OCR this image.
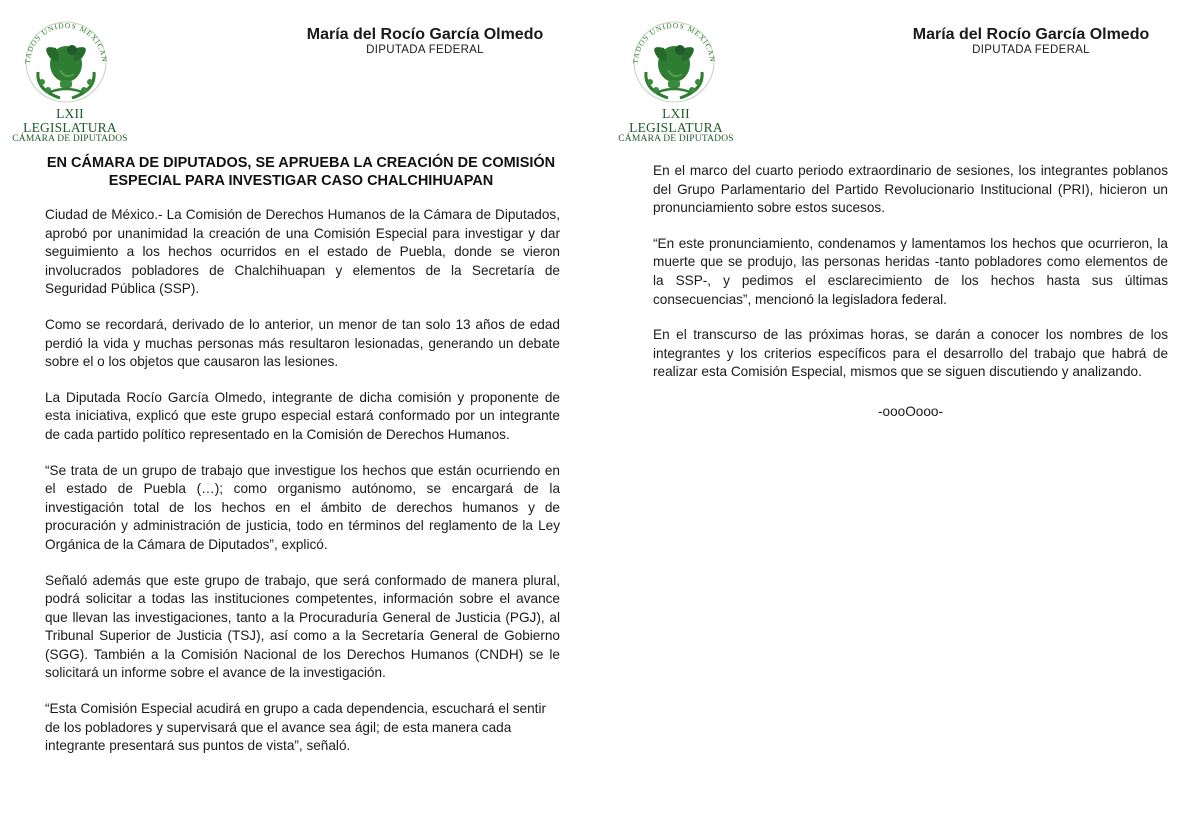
TADOS UNIDOS MEXICAN
LXII LEGISLATURA
CÁMARA DE DIPUTADOS
María del Rocío García Olmedo
DIPUTADA FEDERAL
EN CÁMARA DE DIPUTADOS, SE APRUEBA LA CREACIÓN DE COMISIÓN ESPECIAL PARA INVESTIGAR CASO CHALCHIHUAPAN

Ciudad de México.- La Comisión de Derechos Humanos de la Cámara de Diputados, aprobó por unanimidad la creación de una Comisión Especial para investigar y dar seguimiento a los hechos ocurridos en el estado de Puebla, donde se vieron involucrados pobladores de Chalchihuapan y elementos de la Secretaría de Seguridad Pública (SSP).

Como se recordará, derivado de lo anterior, un menor de tan solo 13 años de edad perdió la vida y muchas personas más resultaron lesionadas, generando un debate sobre el o los objetos que causaron las lesiones.

La Diputada Rocío García Olmedo, integrante de dicha comisión y proponente de esta iniciativa, explicó que este grupo especial estará conformado por un integrante de cada partido político representado en la Comisión de Derechos Humanos.

“Se trata de un grupo de trabajo que investigue los hechos que están ocurriendo en el estado de Puebla (…); como organismo autónomo, se encargará de la investigación total de los hechos en el ámbito de derechos humanos y de procuración y administración de justicia, todo en términos del reglamento de la Ley Orgánica de la Cámara de Diputados”, explicó.

Señaló además que este grupo de trabajo, que será conformado de manera plural, podrá solicitar a todas las instituciones competentes, información sobre el avance que llevan las investigaciones, tanto a la Procuraduría General de Justicia (PGJ), al Tribunal Superior de Justicia (TSJ), así como a la Secretaría General de Gobierno (SGG). También a la Comisión Nacional de los Derechos Humanos (CNDH) se le solicitará un informe sobre el avance de la investigación.

“Esta Comisión Especial acudirá en grupo a cada dependencia, escuchará el sentir de los pobladores y supervisará que el avance sea ágil; de esta manera cada integrante presentará sus puntos de vista”, señaló.

TADOS UNIDOS MEXICAN
LXII LEGISLATURA
CÁMARA DE DIPUTADOS
María del Rocío García Olmedo
DIPUTADA FEDERAL

En el marco del cuarto periodo extraordinario de sesiones, los integrantes poblanos del Grupo Parlamentario del Partido Revolucionario Institucional (PRI), hicieron un pronunciamiento sobre estos sucesos.

“En este pronunciamiento, condenamos y lamentamos los hechos que ocurrieron, la muerte que se produjo, las personas heridas -tanto pobladores como elementos de la SSP-, y pedimos el esclarecimiento de los hechos hasta sus últimas consecuencias”, mencionó la legisladora federal.

En el transcurso de las próximas horas, se darán a conocer los nombres de los integrantes y los criterios específicos para el desarrollo del trabajo que habrá de realizar esta Comisión Especial, mismos que se siguen discutiendo y analizando.

-oooOooo-
